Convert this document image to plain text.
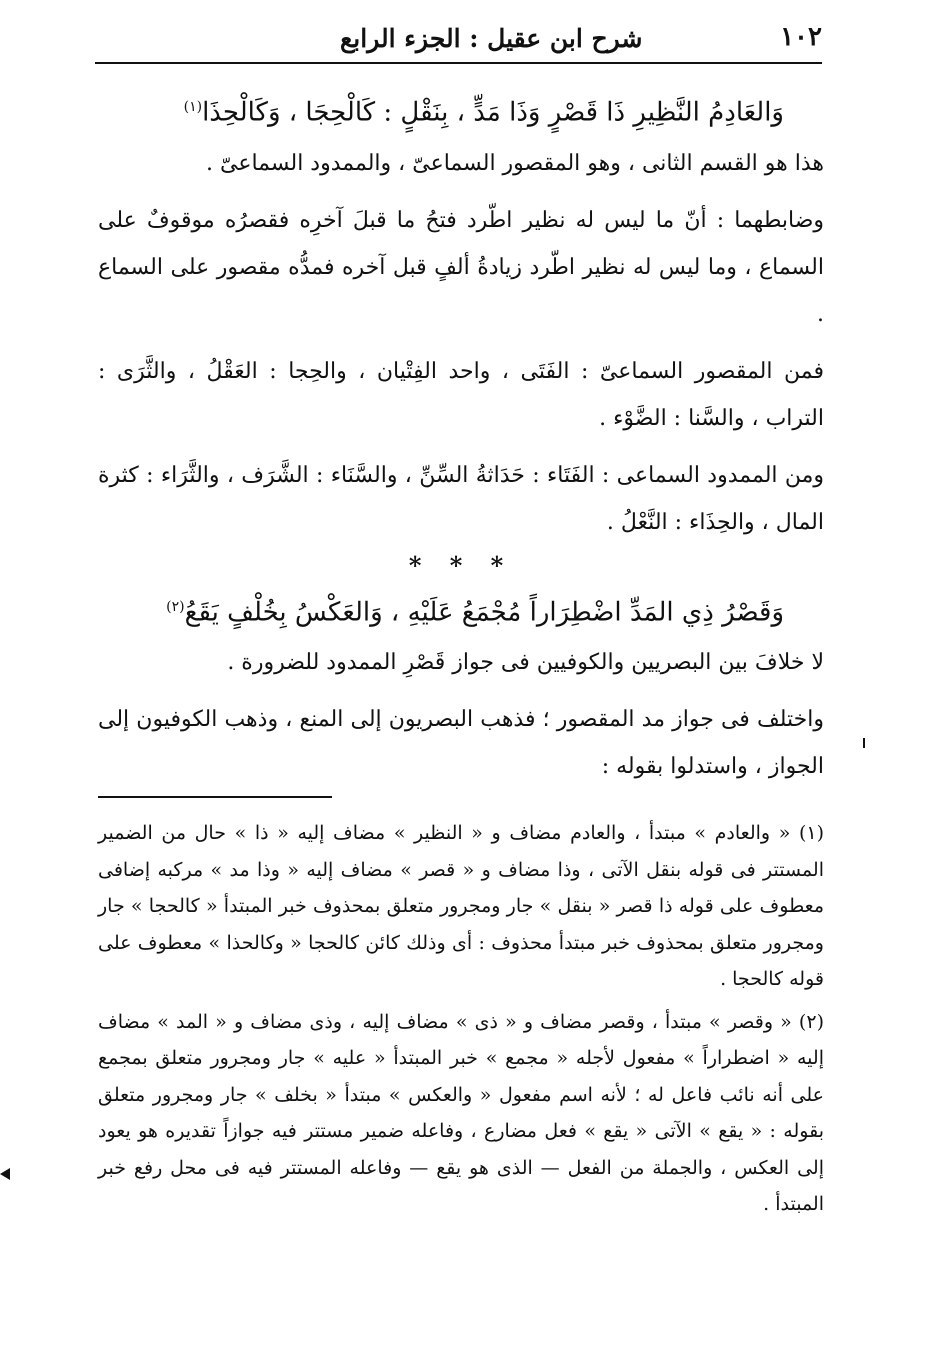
١٠٢
شرح ابن عقيل : الجزء الرابع
وَالعَادِمُ النَّظِيرِ ذَا قَصْرٍ وَذَا مَدٍّ ، بِنَقْلٍ : كَالْحِجَا ، وَكَالْحِذَا$^{(١)}$

هذا هو القسم الثانى ، وهو المقصور السماعىّ ، والممدود السماعىّ .

وضابطهما : أنّ ما ليس له نظير اطّرد فتحُ ما قبلَ آخرِه فقصرُه موقوفٌ على السماع ، وما ليس له نظير اطّرد زيادةُ ألفٍ قبل آخره فمدُّه مقصور على السماع .

فمن المقصور السماعىّ : الفَتَى ، واحد الفِتْيان ، والحِجا : العَقْلُ ، والثَّرَى : التراب ، والسَّنا : الضَّوْء .

ومن الممدود السماعى : الفَتَاء : حَدَاثةُ السِّنِّ ، والسَّنَاء : الشَّرَف ، والثَّرَاء : كثرة المال ، والحِذَاء : النَّعْلُ .

* * *
وَقَصْرُ ذِي المَدِّ اضْطِرَاراً مُجْمَعُ عَلَيْهِ ، وَالعَكْسُ بِخُلْفٍ يَقَعُ$^{(٢)}$

لا خلافَ بين البصريين والكوفيين فى جواز قَصْرِ الممدود للضرورة .

واختلف فى جواز مد المقصور ؛ فذهب البصريون إلى المنع ، وذهب الكوفيون إلى الجواز ، واستدلوا بقوله :

(١) « والعادم » مبتدأ ، والعادم مضاف و « النظير » مضاف إليه « ذا » حال من الضمير المستتر فى قوله بنقل الآتى ، وذا مضاف و « قصر » مضاف إليه « وذا مد » مركبه إضافى معطوف على قوله ذا قصر « بنقل » جار ومجرور متعلق بمحذوف خبر المبتدأ « كالحجا » جار ومجرور متعلق بمحذوف خبر مبتدأ محذوف : أى وذلك كائن كالحجا « وكالحذا » معطوف على قوله كالحجا .

(٢) « وقصر » مبتدأ ، وقصر مضاف و « ذى » مضاف إليه ، وذى مضاف و « المد » مضاف إليه « اضطراراً » مفعول لأجله « مجمع » خبر المبتدأ « عليه » جار ومجرور متعلق بمجمع على أنه نائب فاعل له ؛ لأنه اسم مفعول « والعكس » مبتدأ « بخلف » جار ومجرور متعلق بقوله : « يقع » الآتى « يقع » فعل مضارع ، وفاعله ضمير مستتر فيه جوازاً تقديره هو يعود إلى العكس ، والجملة من الفعل — الذى هو يقع — وفاعله المستتر فيه فى محل رفع خبر المبتدأ .
